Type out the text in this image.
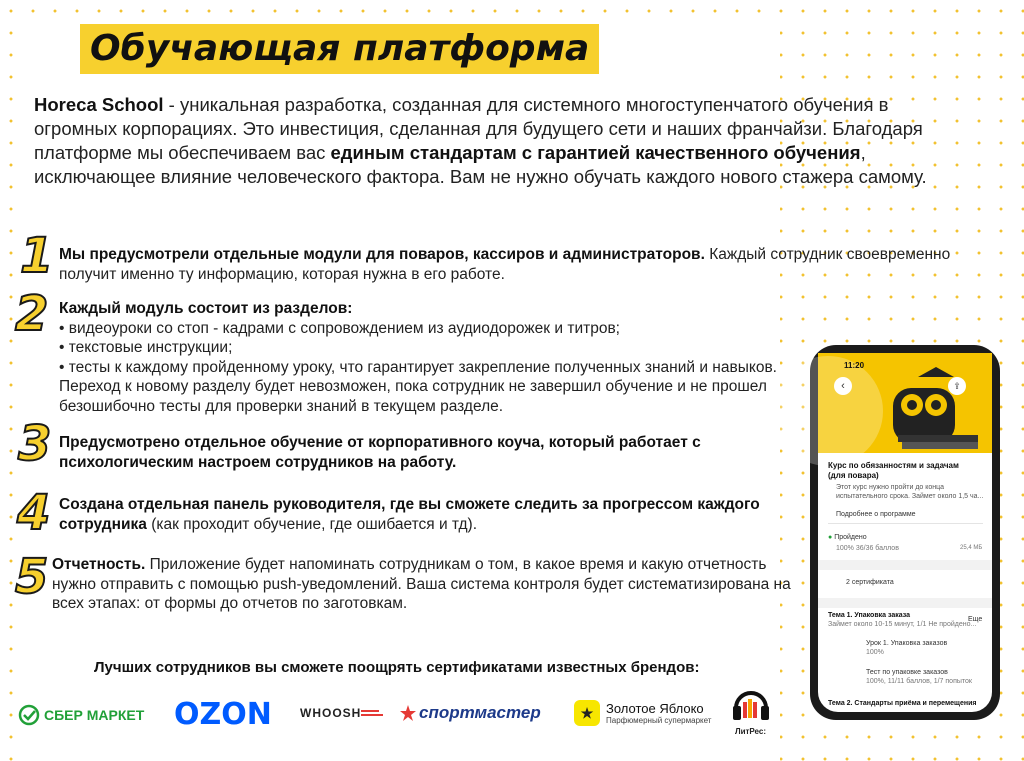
Обучающая платформа
Horeca School - уникальная разработка, созданная для системного многоступенчатого обучения в огромных корпорациях. Это инвестиция, сделанная для будущего сети и наших франчайзи. Благодаря платформе мы обеспечиваем вас единым стандартам с гарантией качественного обучения, исключающее влияние человеческого фактора. Вам не нужно обучать каждого нового стажера самому.
1 Мы предусмотрели отдельные модули для поваров, кассиров и администраторов. Каждый сотрудник своевременно получит именно ту информацию, которая нужна в его работе.
2 Каждый модуль состоит из разделов:
• видеоуроки со стоп - кадрами с сопровождением из аудиодорожек и титров;
• текстовые инструкции;
• тесты к каждому пройденному уроку, что гарантирует закрепление полученных знаний и навыков. Переход к новому разделу будет невозможен, пока сотрудник не завершил обучение и не прошел безошибочно тесты для проверки знаний в текущем разделе.
3 Предусмотрено отдельное обучение от корпоративного коуча, который работает с психологическим настроем сотрудников на работу.
4 Создана отдельная панель руководителя, где вы сможете следить за прогрессом каждого сотрудника (как проходит обучение, где ошибается и тд).
5 Отчетность. Приложение будет напоминать сотрудникам о том, в какое время и какую отчетность нужно отправить с помощью push-уведомлений. Ваша система контроля будет систематизирована на всех этапах: от формы до отчетов по заготовкам.
Лучших сотрудников вы сможете поощрять сертификатами известных брендов:
СБЕР МАРКЕТ OZON WHOOSH	спортмастер	★ Золотое Яблоко
Парфюмерный супермаркет
ЛитРес:
11:20
‹	⇪
Курс по обязанностям и задачам (для повара)
Этот курс нужно пройти до конца испытательного срока. Займет около 1,5 ча...
Подробнее о программе
● Пройдено
100% 36/36 баллов	25,4 МБ
2 сертификата
Тема 1. Упаковка заказа
Займет около 10-15 минут, 1/1 Не пройдено...
Еще
Урок 1. Упаковка заказов
100%
Тест по упаковке заказов
100%, 11/11 баллов, 1/7 попыток
Тема 2. Стандарты приёма и перемещения
